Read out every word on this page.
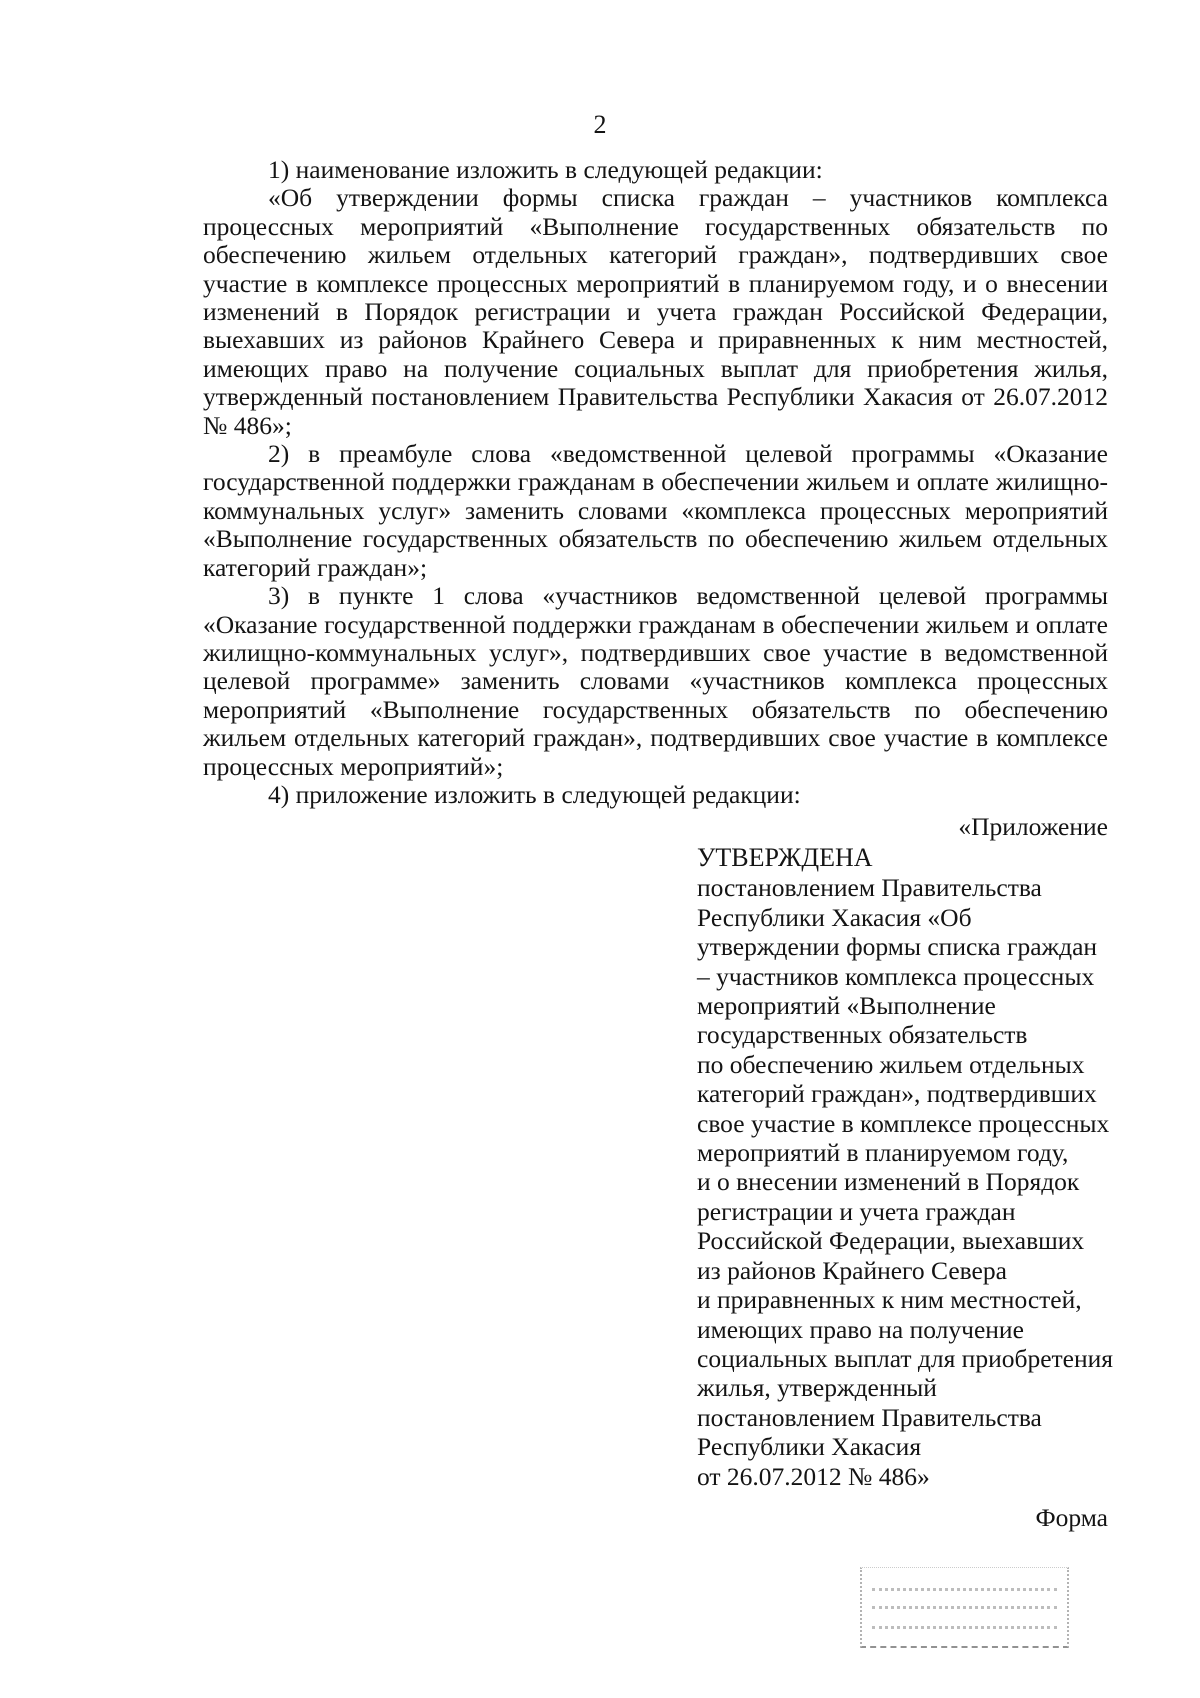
2

1) наименование изложить в следующей редакции:

«Об утверждении формы списка граждан – участников комплекса процессных мероприятий «Выполнение государственных обязательств по обеспечению жильем отдельных категорий граждан», подтвердивших свое участие в комплексе процессных мероприятий в планируемом году, и о внесении изменений в Порядок регистрации и учета граждан Российской Федерации, выехавших из районов Крайнего Севера и приравненных к ним местностей, имеющих право на получение социальных выплат для приобретения жилья, утвержденный постановлением Правительства Республики Хакасия от 26.07.2012 № 486»;

2) в преамбуле слова «ведомственной целевой программы «Оказание государственной поддержки гражданам в обеспечении жильем и оплате жилищно-коммунальных услуг» заменить словами «комплекса процессных мероприятий «Выполнение государственных обязательств по обеспечению жильем отдельных категорий граждан»;

3) в пункте 1 слова «участников ведомственной целевой программы «Оказание государственной поддержки гражданам в обеспечении жильем и оплате жилищно-коммунальных услуг», подтвердивших свое участие в ведомственной целевой программе» заменить словами «участников комплекса процессных мероприятий «Выполнение государственных обязательств по обеспечению жильем отдельных категорий граждан», подтвердивших свое участие в комплексе процессных мероприятий»;

4) приложение изложить в следующей редакции:

«Приложение

УТВЕРЖДЕНА
постановлением Правительства
Республики Хакасия «Об
утверждении формы списка граждан
– участников комплекса процессных
мероприятий «Выполнение
государственных обязательств
по обеспечению жильем отдельных
категорий граждан», подтвердивших
свое участие в комплексе процессных
мероприятий в планируемом году,
и о внесении изменений в Порядок
регистрации и учета граждан
Российской Федерации, выехавших
из районов Крайнего Севера
и приравненных к ним местностей,
имеющих право на получение
социальных выплат для приобретения
жилья, утвержденный
постановлением Правительства
Республики Хакасия
от 26.07.2012 № 486»
Форма
